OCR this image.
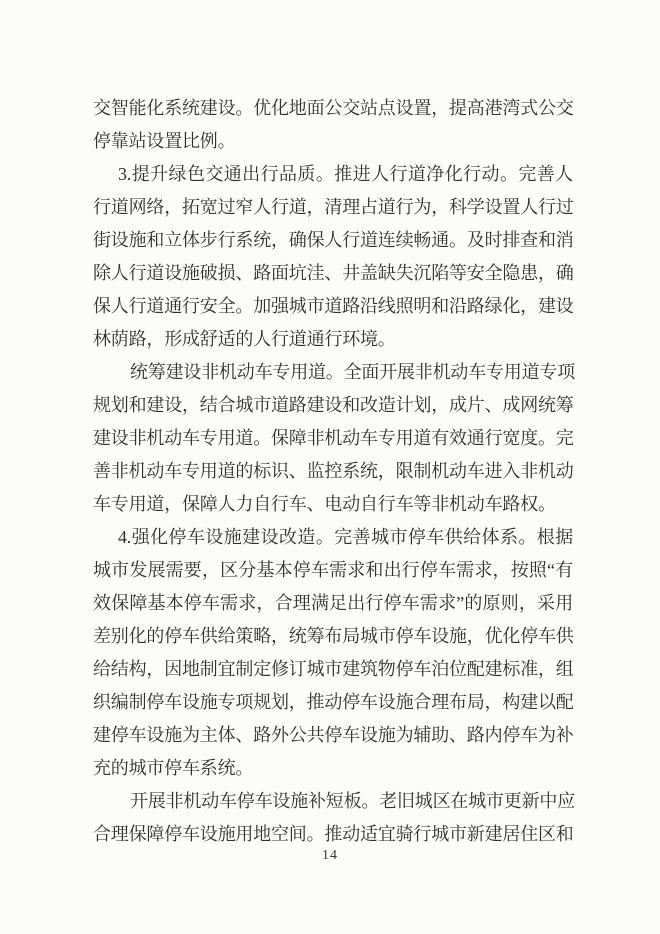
交智能化系统建设。优化地面公交站点设置，提高港湾式公交
停靠站设置比例。
3.提升绿色交通出行品质。推进人行道净化行动。完善人
行道网络，拓宽过窄人行道，清理占道行为，科学设置人行过
街设施和立体步行系统，确保人行道连续畅通。及时排查和消
除人行道设施破损、路面坑洼、井盖缺失沉陷等安全隐患，确
保人行道通行安全。加强城市道路沿线照明和沿路绿化，建设
林荫路，形成舒适的人行道通行环境。
统筹建设非机动车专用道。全面开展非机动车专用道专项
规划和建设，结合城市道路建设和改造计划，成片、成网统筹
建设非机动车专用道。保障非机动车专用道有效通行宽度。完
善非机动车专用道的标识、监控系统，限制机动车进入非机动
车专用道，保障人力自行车、电动自行车等非机动车路权。
4.强化停车设施建设改造。完善城市停车供给体系。根据
城市发展需要，区分基本停车需求和出行停车需求，按照“有
效保障基本停车需求，合理满足出行停车需求”的原则，采用
差别化的停车供给策略，统筹布局城市停车设施，优化停车供
给结构，因地制宜制定修订城市建筑物停车泊位配建标准，组
织编制停车设施专项规划，推动停车设施合理布局，构建以配
建停车设施为主体、路外公共停车设施为辅助、路内停车为补
充的城市停车系统。
开展非机动车停车设施补短板。老旧城区在城市更新中应
合理保障停车设施用地空间。推动适宜骑行城市新建居住区和
14
